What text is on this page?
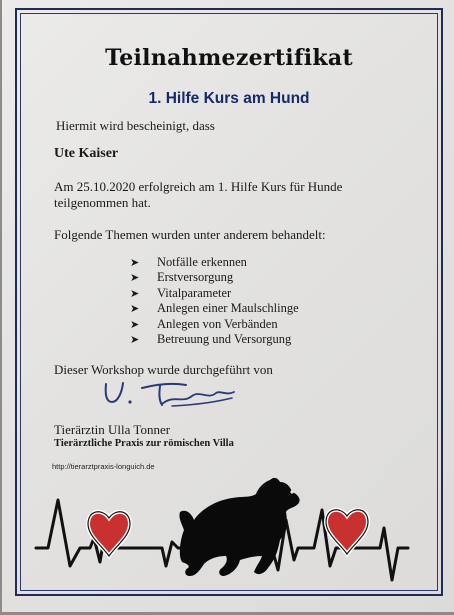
Teilnahmezertifikat
1. Hilfe Kurs am Hund
Hiermit wird bescheinigt, dass
Ute Kaiser
Am 25.10.2020 erfolgreich am 1. Hilfe Kurs für Hunde
teilgenommen hat.
Folgende Themen wurden unter anderem behandelt:
➤ Notfälle erkennen
➤ Erstversorgung
➤ Vitalparameter
➤ Anlegen einer Maulschlinge
➤ Anlegen von Verbänden
➤ Betreuung und Versorgung
Dieser Workshop wurde durchgeführt von
Tierärztin Ulla Tonner
Tierärztliche Praxis zur römischen Villa
http://tierarztpraxis-longuich.de
